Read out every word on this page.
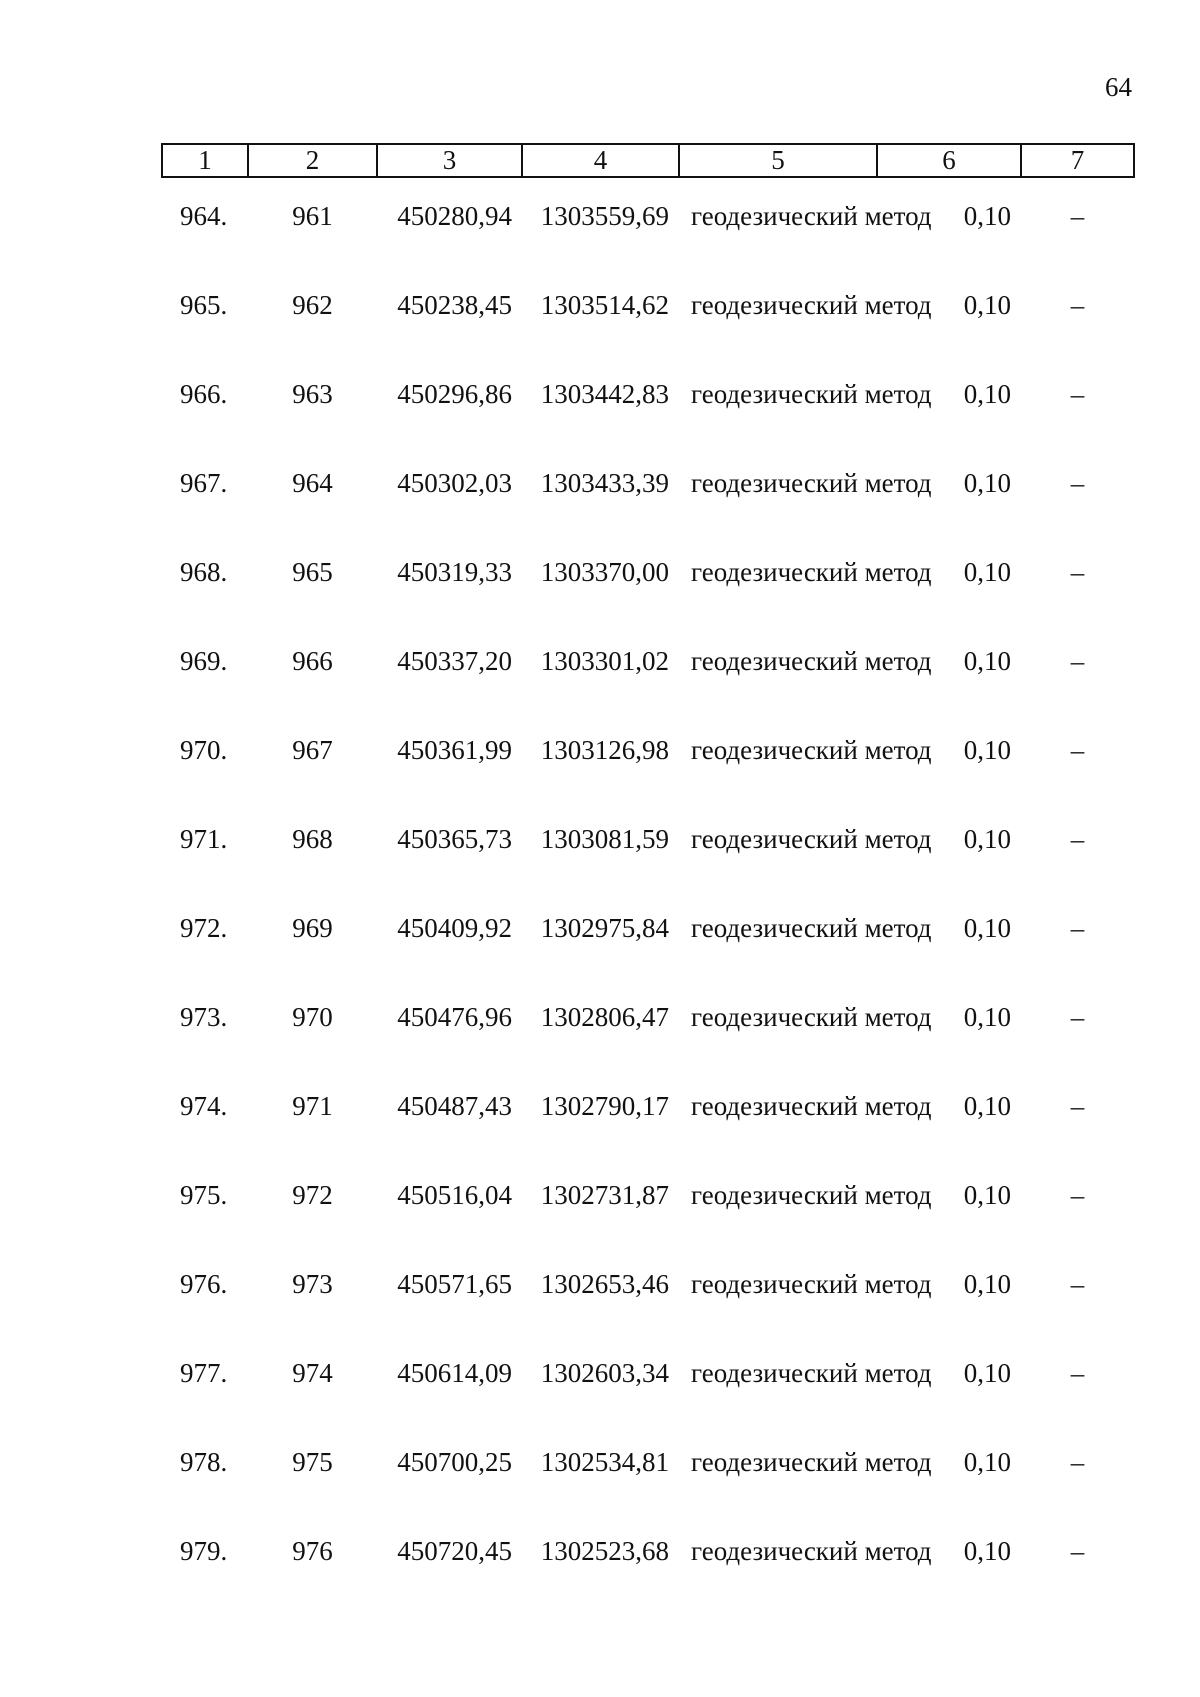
64
1	2	3	4	5	6	7
964.	961	450280,94	1303559,69	геодезический метод	0,10	–
965.	962	450238,45	1303514,62	геодезический метод	0,10	–
966.	963	450296,86	1303442,83	геодезический метод	0,10	–
967.	964	450302,03	1303433,39	геодезический метод	0,10	–
968.	965	450319,33	1303370,00	геодезический метод	0,10	–
969.	966	450337,20	1303301,02	геодезический метод	0,10	–
970.	967	450361,99	1303126,98	геодезический метод	0,10	–
971.	968	450365,73	1303081,59	геодезический метод	0,10	–
972.	969	450409,92	1302975,84	геодезический метод	0,10	–
973.	970	450476,96	1302806,47	геодезический метод	0,10	–
974.	971	450487,43	1302790,17	геодезический метод	0,10	–
975.	972	450516,04	1302731,87	геодезический метод	0,10	–
976.	973	450571,65	1302653,46	геодезический метод	0,10	–
977.	974	450614,09	1302603,34	геодезический метод	0,10	–
978.	975	450700,25	1302534,81	геодезический метод	0,10	–
979.	976	450720,45	1302523,68	геодезический метод	0,10	–
